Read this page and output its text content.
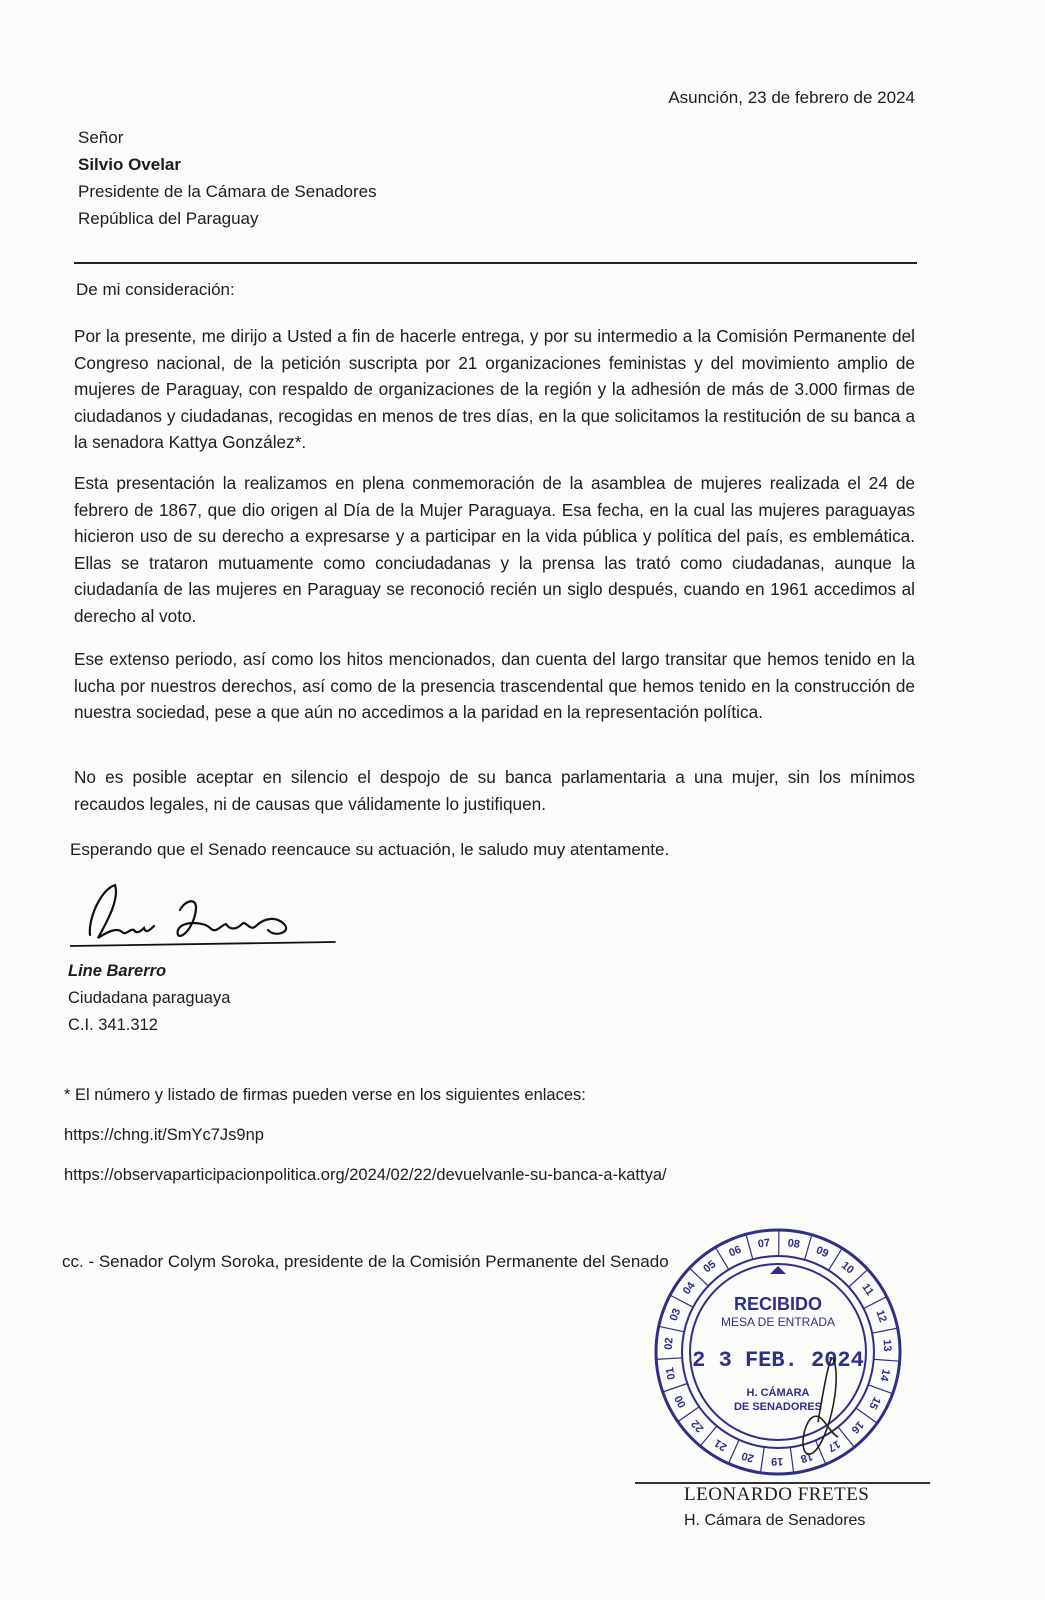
Asunción, 23 de febrero de 2024
Señor
Silvio Ovelar
Presidente de la Cámara de Senadores
República del Paraguay
De mi consideración:
Por la presente, me dirijo a Usted a fin de hacerle entrega, y por su intermedio a la Comisión Permanente del Congreso nacional, de la petición suscripta por 21 organizaciones feministas y del movimiento amplio de mujeres de Paraguay, con respaldo de organizaciones de la región y la adhesión de más de 3.000 firmas de ciudadanos y ciudadanas, recogidas en menos de tres días, en la que solicitamos la restitución de su banca a la senadora Kattya González*.
Esta presentación la realizamos en plena conmemoración de la asamblea de mujeres realizada el 24 de febrero de 1867, que dio origen al Día de la Mujer Paraguaya. Esa fecha, en la cual las mujeres paraguayas hicieron uso de su derecho a expresarse y a participar en la vida pública y política del país, es emblemática. Ellas se trataron mutuamente como conciudadanas y la prensa las trató como ciudadanas, aunque la ciudadanía de las mujeres en Paraguay se reconoció recién un siglo después, cuando en 1961 accedimos al derecho al voto.
Ese extenso periodo, así como los hitos mencionados, dan cuenta del largo transitar que hemos tenido en la lucha por nuestros derechos, así como de la presencia trascendental que hemos tenido en la construcción de nuestra sociedad, pese a que aún no accedimos a la paridad en la representación política.
No es posible aceptar en silencio el despojo de su banca parlamentaria a una mujer, sin los mínimos recaudos legales, ni de causas que válidamente lo justifiquen.
Esperando que el Senado reencauce su actuación, le saludo muy atentamente.
Line Barerro
Ciudadana paraguaya
C.I. 341.312
* El número y listado de firmas pueden verse en los siguientes enlaces:
https://chng.it/SmYc7Js9np
https://observaparticipacionpolitica.org/2024/02/22/devuelvanle-su-banca-a-kattya/
cc. - Senador Colym Soroka, presidente de la Comisión Permanente del Senado
03
04
05
06 07 08
09
10
11
12
13
14
15
16
17
18
19
20
21
22
00
01
02
RECIBIDO
MESA DE ENTRADA
2 3 FEB. 2024
H. CÁMARA
DE SENADORES
LEONARDO FRETES
H. Cámara de Senadores
